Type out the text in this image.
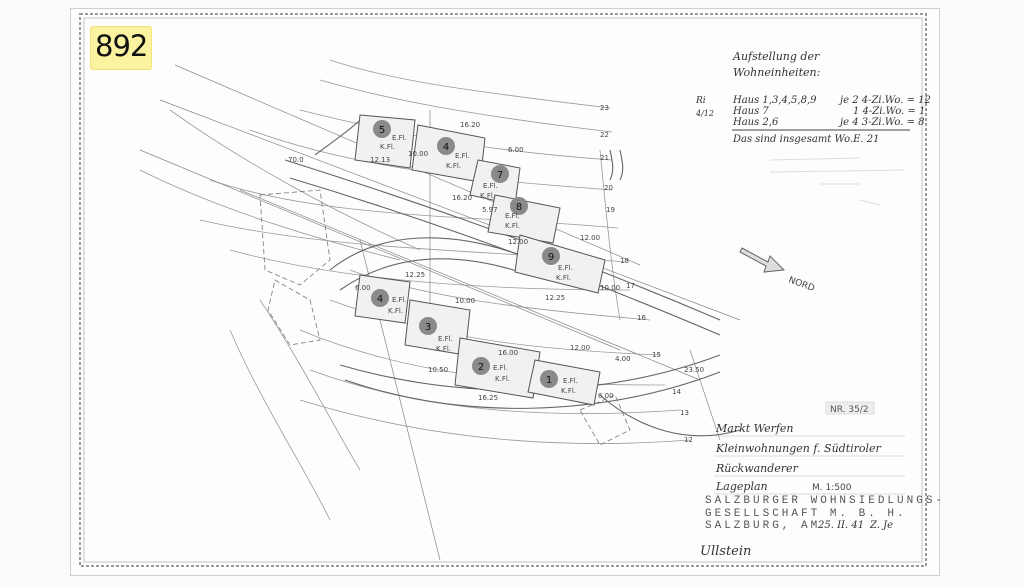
5
4
7
8
9
4
3
2
1
E.Fl.
K.Fl.
E.Fl.
K.Fl.
E.Fl.
K.Fl.
E.Fl.
K.Fl.
E.Fl.
K.Fl.
E.Fl.
K.Fl.
E.Fl.
K.Fl.
E.Fl.
K.Fl.	E.Fl.
K.Fl.
23
22
21
20
19
18
17
16
15
14
13
12
16.20
6.00
12.13
10.00
16.20
5.97
12.00
12.25
12.00
10.00
6.00
12.25
10.00
16.00
10.50
16.25
12.00
6.00
4.00
23.50
70.0
NORD
Aufstellung der
Wohneinheiten:
Ri
4/12
Haus 1,3,4,5,8,9 je 2 4-Zi.Wo. = 12
Haus 7	1 4-Zi.Wo. = 1
Haus 2,6	je 4 3-Zi.Wo. = 8
Das sind insgesamt Wo.E. 21
NR. 35/2
Markt Werfen
Kleinwohnungen f. Südtiroler
Rückwanderer
Lageplan	M. 1:500
SALZBURGER WOHNSIEDLUNGS-
GESELLSCHAFT M. B. H.
SALZBURG, AM
25. II. 41 Z. Je
Ullstein
892
